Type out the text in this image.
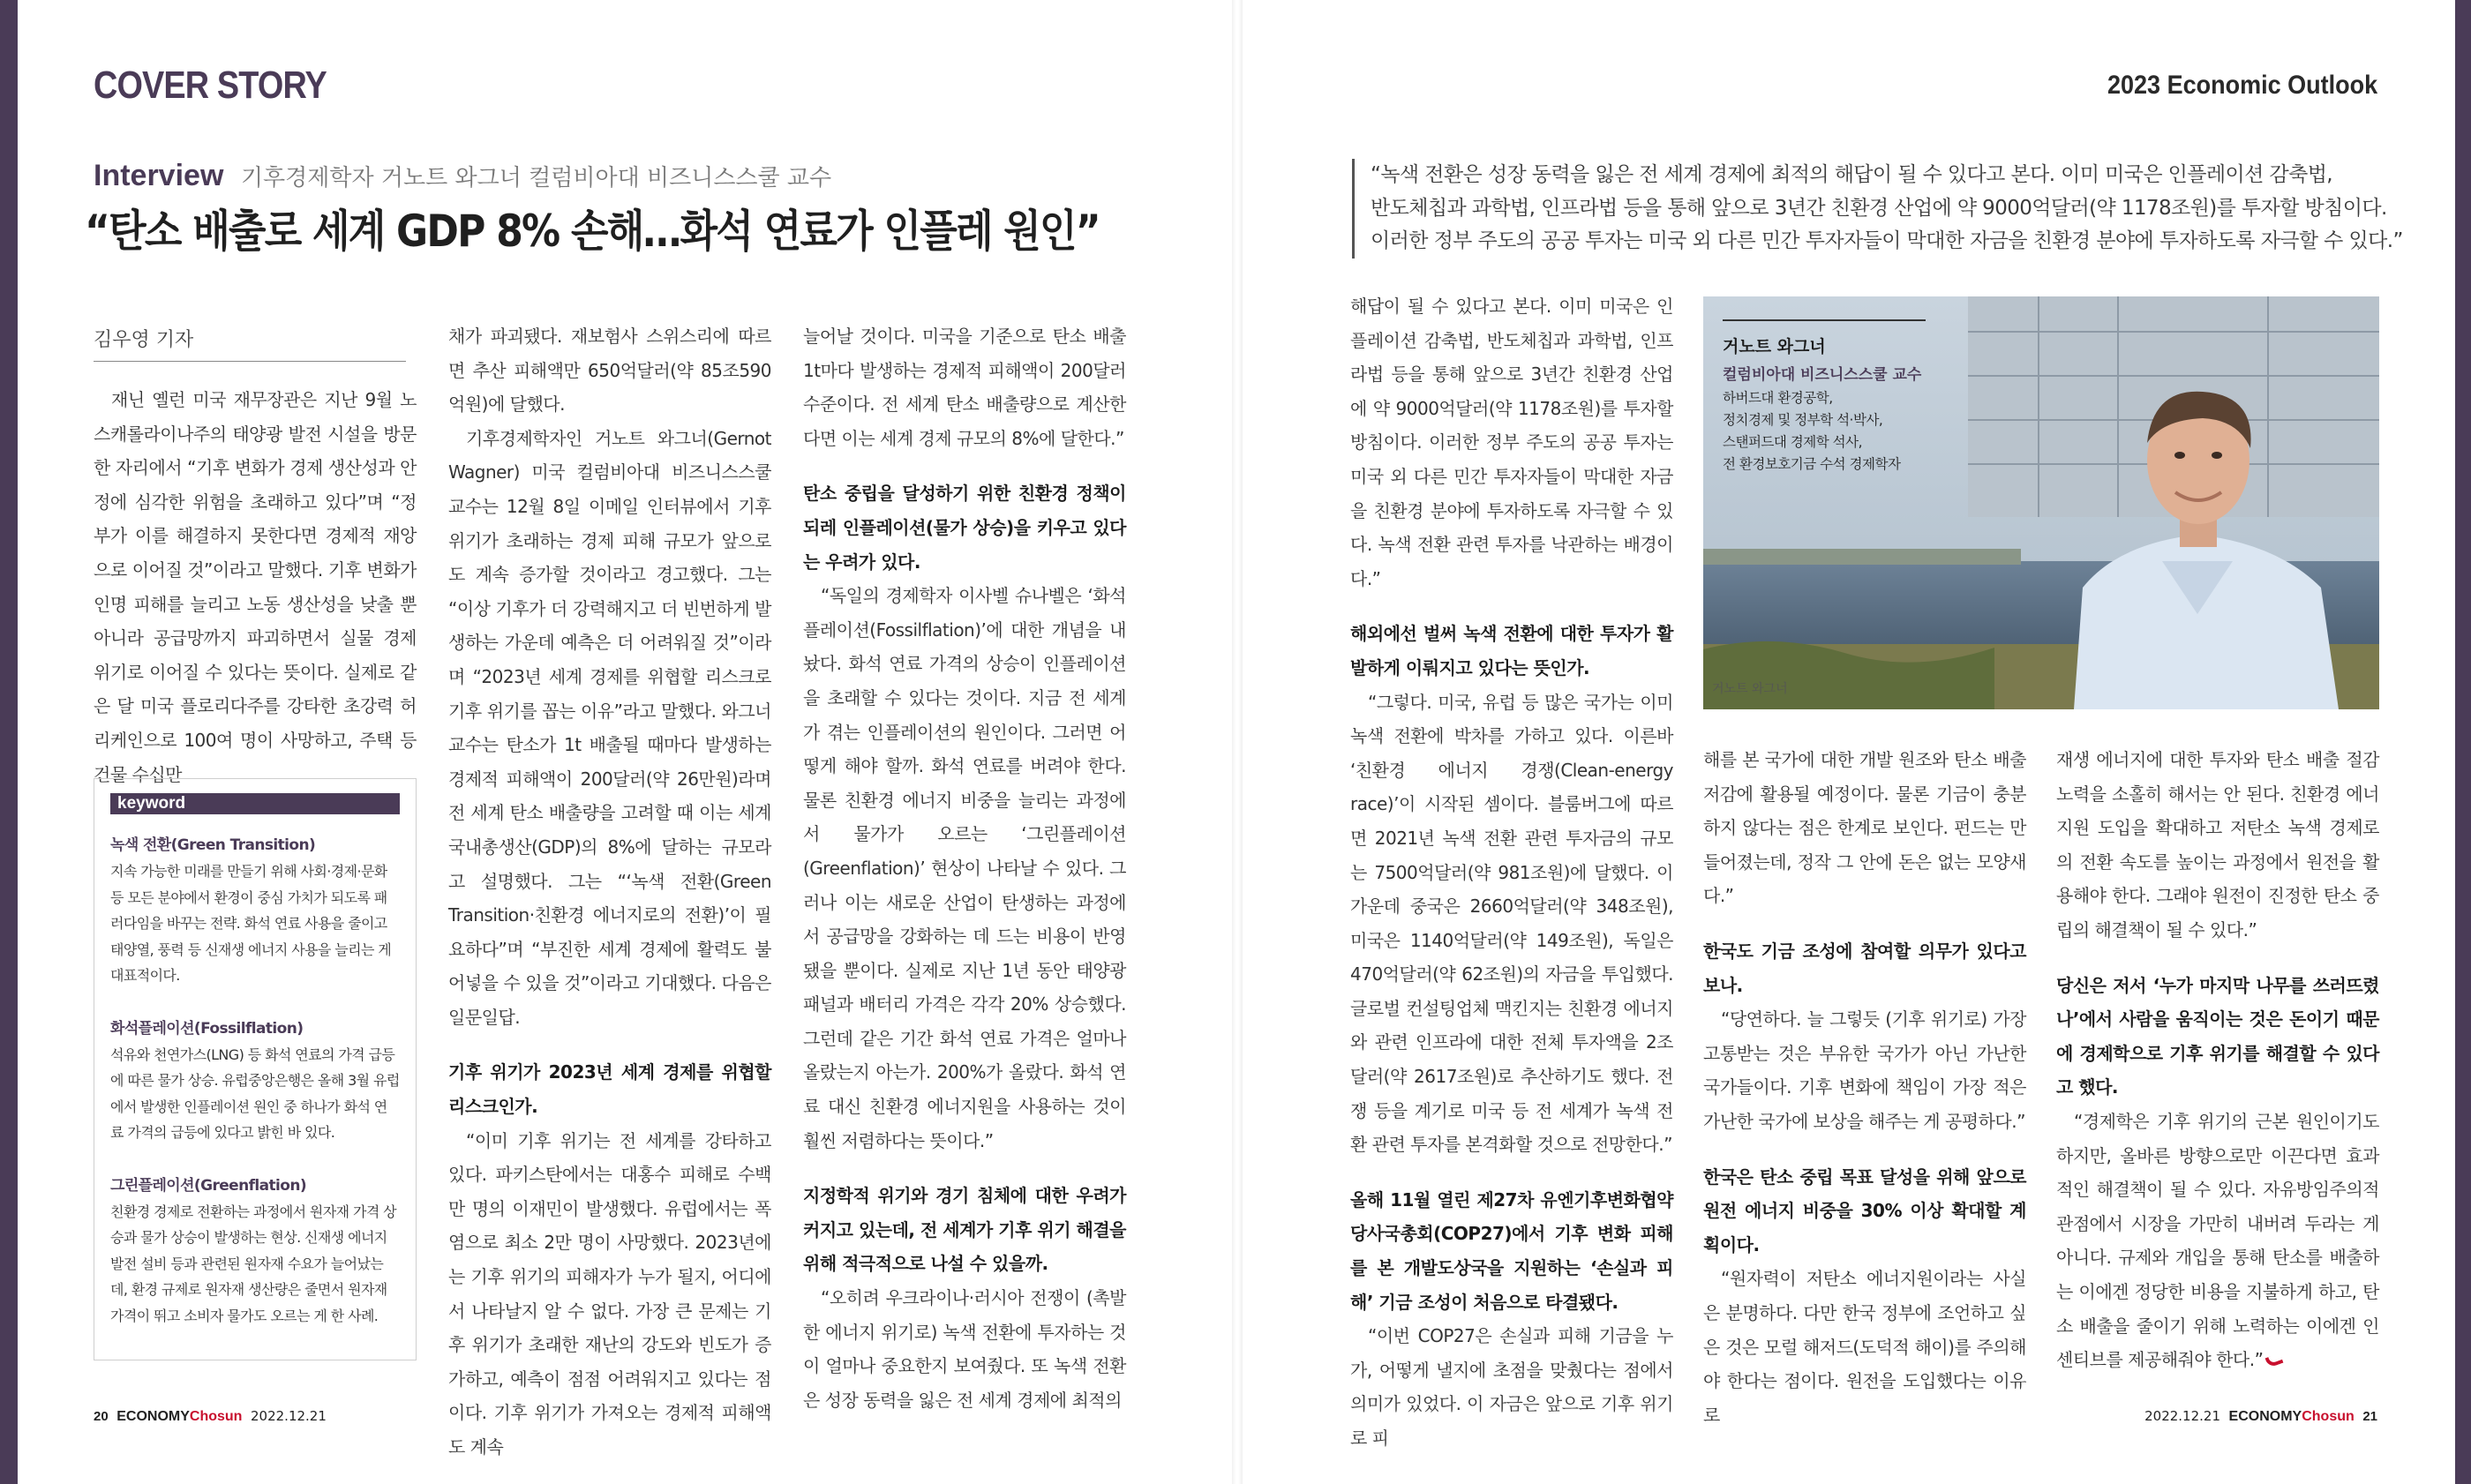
COVER STORY	2023 Economic Outlook
Interview 기후경제학자 거노트 와그너 컬럼비아대 비즈니스스쿨 교수
“탄소 배출로 세계 GDP 8% 손해…화석 연료가 인플레 원인”
“녹색 전환은 성장 동력을 잃은 전 세계 경제에 최적의 해답이 될 수 있다고 본다. 이미 미국은 인플레이션 감축법,
반도체칩과 과학법, 인프라법 등을 통해 앞으로 3년간 친환경 산업에 약 9000억달러(약 1178조원)를 투자할 방침이다.
이러한 정부 주도의 공공 투자는 미국 외 다른 민간 투자자들이 막대한 자금을 친환경 분야에 투자하도록 자극할 수 있다.”
김우영 기자

재닌 옐런 미국 재무장관은 지난 9월 노스캐롤라이나주의 태양광 발전 시설을 방문한 자리에서 “기후 변화가 경제 생산성과 안정에 심각한 위험을 초래하고 있다”며 “정부가 이를 해결하지 못한다면 경제적 재앙으로 이어질 것”이라고 말했다. 기후 변화가 인명 피해를 늘리고 노동 생산성을 낮출 뿐 아니라 공급망까지 파괴하면서 실물 경제 위기로 이어질 수 있다는 뜻이다. 실제로 같은 달 미국 플로리다주를 강타한 초강력 허리케인으로 100여 명이 사망하고, 주택 등 건물 수십만

keyword
녹색 전환(Green Transition)
지속 가능한 미래를 만들기 위해 사회·경제·문화 등 모든 분야에서 환경이 중심 가치가 되도록 패러다임을 바꾸는 전략. 화석 연료 사용을 줄이고 태양열, 풍력 등 신재생 에너지 사용을 늘리는 게 대표적이다.
화석플레이션(Fossilflation)
석유와 천연가스(LNG) 등 화석 연료의 가격 급등에 따른 물가 상승. 유럽중앙은행은 올해 3월 유럽에서 발생한 인플레이션 원인 중 하나가 화석 연료 가격의 급등에 있다고 밝힌 바 있다.
그린플레이션(Greenflation)
친환경 경제로 전환하는 과정에서 원자재 가격 상승과 물가 상승이 발생하는 현상. 신재생 에너지 발전 설비 등과 관련된 원자재 수요가 늘어났는데, 환경 규제로 원자재 생산량은 줄면서 원자재 가격이 뛰고 소비자 물가도 오르는 게 한 사례.

채가 파괴됐다. 재보험사 스위스리에 따르면 추산 피해액만 650억달러(약 85조590억원)에 달했다.

기후경제학자인 거노트 와그너(Gernot Wagner) 미국 컬럼비아대 비즈니스스쿨 교수는 12월 8일 이메일 인터뷰에서 기후 위기가 초래하는 경제 피해 규모가 앞으로도 계속 증가할 것이라고 경고했다. 그는 “이상 기후가 더 강력해지고 더 빈번하게 발생하는 가운데 예측은 더 어려워질 것”이라며 “2023년 세계 경제를 위협할 리스크로 기후 위기를 꼽는 이유”라고 말했다. 와그너 교수는 탄소가 1t 배출될 때마다 발생하는 경제적 피해액이 200달러(약 26만원)라며 전 세계 탄소 배출량을 고려할 때 이는 세계 국내총생산(GDP)의 8%에 달하는 규모라고 설명했다. 그는 “‘녹색 전환(Green Transition·친환경 에너지로의 전환)’이 필요하다”며 “부진한 세계 경제에 활력도 불어넣을 수 있을 것”이라고 기대했다. 다음은 일문일답.

기후 위기가 2023년 세계 경제를 위협할 리스크인가.

“이미 기후 위기는 전 세계를 강타하고 있다. 파키스탄에서는 대홍수 피해로 수백만 명의 이재민이 발생했다. 유럽에서는 폭염으로 최소 2만 명이 사망했다. 2023년에는 기후 위기의 피해자가 누가 될지, 어디에서 나타날지 알 수 없다. 가장 큰 문제는 기후 위기가 초래한 재난의 강도와 빈도가 증가하고, 예측이 점점 어려워지고 있다는 점이다. 기후 위기가 가져오는 경제적 피해액도 계속

늘어날 것이다. 미국을 기준으로 탄소 배출 1t마다 발생하는 경제적 피해액이 200달러 수준이다. 전 세계 탄소 배출량으로 계산한다면 이는 세계 경제 규모의 8%에 달한다.”

탄소 중립을 달성하기 위한 친환경 정책이 되레 인플레이션(물가 상승)을 키우고 있다는 우려가 있다.

“독일의 경제학자 이사벨 슈나벨은 ‘화석플레이션(Fossilflation)’에 대한 개념을 내놨다. 화석 연료 가격의 상승이 인플레이션을 초래할 수 있다는 것이다. 지금 전 세계가 겪는 인플레이션의 원인이다. 그러면 어떻게 해야 할까. 화석 연료를 버려야 한다. 물론 친환경 에너지 비중을 늘리는 과정에서 물가가 오르는 ‘그린플레이션(Greenflation)’ 현상이 나타날 수 있다. 그러나 이는 새로운 산업이 탄생하는 과정에서 공급망을 강화하는 데 드는 비용이 반영됐을 뿐이다. 실제로 지난 1년 동안 태양광 패널과 배터리 가격은 각각 20% 상승했다. 그런데 같은 기간 화석 연료 가격은 얼마나 올랐는지 아는가. 200%가 올랐다. 화석 연료 대신 친환경 에너지원을 사용하는 것이 훨씬 저렴하다는 뜻이다.”

지정학적 위기와 경기 침체에 대한 우려가 커지고 있는데, 전 세계가 기후 위기 해결을 위해 적극적으로 나설 수 있을까.

“오히려 우크라이나·러시아 전쟁이 (촉발한 에너지 위기로) 녹색 전환에 투자하는 것이 얼마나 중요한지 보여줬다. 또 녹색 전환은 성장 동력을 잃은 전 세계 경제에 최적의

해답이 될 수 있다고 본다. 이미 미국은 인플레이션 감축법, 반도체칩과 과학법, 인프라법 등을 통해 앞으로 3년간 친환경 산업에 약 9000억달러(약 1178조원)를 투자할 방침이다. 이러한 정부 주도의 공공 투자는 미국 외 다른 민간 투자자들이 막대한 자금을 친환경 분야에 투자하도록 자극할 수 있다. 녹색 전환 관련 투자를 낙관하는 배경이다.”

해외에선 벌써 녹색 전환에 대한 투자가 활발하게 이뤄지고 있다는 뜻인가.

“그렇다. 미국, 유럽 등 많은 국가는 이미 녹색 전환에 박차를 가하고 있다. 이른바 ‘친환경 에너지 경쟁(Clean-energy race)’이 시작된 셈이다. 블룸버그에 따르면 2021년 녹색 전환 관련 투자금의 규모는 7500억달러(약 981조원)에 달했다. 이 가운데 중국은 2660억달러(약 348조원), 미국은 1140억달러(약 149조원), 독일은 470억달러(약 62조원)의 자금을 투입했다. 글로벌 컨설팅업체 맥킨지는 친환경 에너지와 관련 인프라에 대한 전체 투자액을 2조달러(약 2617조원)로 추산하기도 했다. 전쟁 등을 계기로 미국 등 전 세계가 녹색 전환 관련 투자를 본격화할 것으로 전망한다.”

올해 11월 열린 제27차 유엔기후변화협약당사국총회(COP27)에서 기후 변화 피해를 본 개발도상국을 지원하는 ‘손실과 피해’ 기금 조성이 처음으로 타결됐다.

“이번 COP27은 손실과 피해 기금을 누가, 어떻게 낼지에 초점을 맞췄다는 점에서 의미가 있었다. 이 자금은 앞으로 기후 위기로 피

거노트 와그너
컬럼비아대 비즈니스스쿨 교수
하버드대 환경공학,
정치경제 및 정부학 석·박사,
스탠퍼드대 경제학 석사,
전 환경보호기금 수석 경제학자
거노트 와그너

해를 본 국가에 대한 개발 원조와 탄소 배출 저감에 활용될 예정이다. 물론 기금이 충분하지 않다는 점은 한계로 보인다. 펀드는 만들어졌는데, 정작 그 안에 돈은 없는 모양새다.”

한국도 기금 조성에 참여할 의무가 있다고 보나.

“당연하다. 늘 그렇듯 (기후 위기로) 가장 고통받는 것은 부유한 국가가 아닌 가난한 국가들이다. 기후 변화에 책임이 가장 적은 가난한 국가에 보상을 해주는 게 공평하다.”

한국은 탄소 중립 목표 달성을 위해 앞으로 원전 에너지 비중을 30% 이상 확대할 계획이다.

“원자력이 저탄소 에너지원이라는 사실은 분명하다. 다만 한국 정부에 조언하고 싶은 것은 모럴 해저드(도덕적 해이)를 주의해야 한다는 점이다. 원전을 도입했다는 이유로

재생 에너지에 대한 투자와 탄소 배출 절감 노력을 소홀히 해서는 안 된다. 친환경 에너지원 도입을 확대하고 저탄소 녹색 경제로의 전환 속도를 높이는 과정에서 원전을 활용해야 한다. 그래야 원전이 진정한 탄소 중립의 해결책이 될 수 있다.”

당신은 저서 ‘누가 마지막 나무를 쓰러뜨렸나’에서 사람을 움직이는 것은 돈이기 때문에 경제학으로 기후 위기를 해결할 수 있다고 했다.

“경제학은 기후 위기의 근본 원인이기도 하지만, 올바른 방향으로만 이끈다면 효과적인 해결책이 될 수 있다. 자유방임주의적 관점에서 시장을 가만히 내버려 두라는 게 아니다. 규제와 개입을 통해 탄소를 배출하는 이에겐 정당한 비용을 지불하게 하고, 탄소 배출을 줄이기 위해 노력하는 이에겐 인센티브를 제공해줘야 한다.”

20 ECONOMYChosun 2022.12.21	2022.12.21 ECONOMYChosun 21
